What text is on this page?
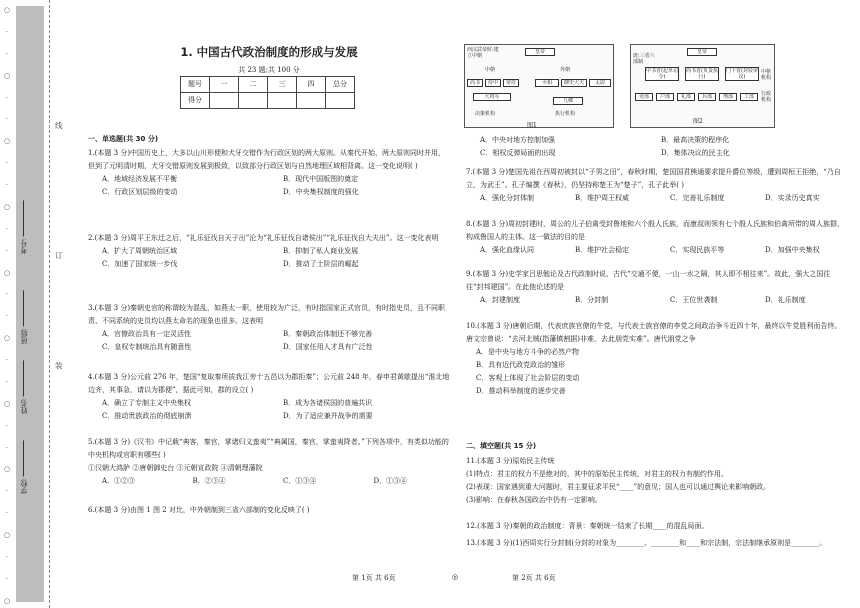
○
·
·
○
·
·
○
·
·
○
·
·
○
·
·
○
·
·
○
·
·
○
·
·
○
·
·
○
考号:
班级:
姓名:
学校:
线
订
装
1. 中国古代政治制度的形成与发展
共 23 题;共 100 分
题号	一	二	三	四	总分
得分					
一、单选题(共 30 分)
1.(本题 3 分)中国历史上，大多以山川形便和犬牙交错作为行政区划的两大原则。从秦代开始，两大原则同时并用，但到了元明清时期，犬牙交错原则发展到极致，以致部分行政区划与自然地理区域相背离。这一变化说明( )
A．地域经济发展不平衡	B．现代中国版图的奠定
C．行政区划层级的变动	D．中央集权制度的强化
2.(本题 3 分)周平王东迁之后，“礼乐征伐自天子出”沦为“礼乐征伐自诸侯出”“礼乐征伐自大夫出”。这一变化表明
A．扩大了周朝统治区域	B．抑制了私人商业发展
C．加速了国家统一步伐	D．推动了士阶层的崛起
3.(本题 3 分)秦朝史官的称谓较为混乱，如燕太一职，使用较为广泛，有时指国家正式官员，有时指史员，且不同职责、不同系统的史员均以燕太命名的现象也很多。这表明
A．官僚政治具有一定灵活性	B．秦朝政治体制还不够完善
C．皇权专制统治具有随意性	D．国家任用人才具有广泛性
4.(本题 3 分)公元前 276 年，楚国“复取秦所拔我江旁十五邑以为郡拒秦”；公元前 248 年，春申君黄歇提出“淮北地边齐，其事急，请以为郡便”，据此可知，郡的设立( )
A．确立了专制主义中央集权	B．成为各诸侯国的普遍共识
C．推动贵族政治的彻底崩溃	D．为了适应兼并战争的需要
5.(本题 3 分)《汉书》中记载“典客，秦官，掌诸归义蛮夷”“典属国，秦官，掌蛮夷降者。”下列各项中，有类似功能的中央机构或官职有哪些( )
①汉朝大鸿胪 ②唐朝御史台 ③元朝宣政院 ④清朝理藩院
A．①②③	B．②③④	C．①③④	D．①③④
6.(本题 3 分)由图 1 图 2 对比，中外朝制到三省六部制的变化反映了( )
西汉武帝时:建立中朝
皇帝
中朝	外朝
尚书	侍中	常侍
大将军
丞相	御史大夫	太尉
九卿
决策机构	执行机构
图1
唐:三省六部制
皇帝
中书省(起草诏令)
尚书省(负责执行)
门下省(封驳审议)
中枢机构
吏部	户部	礼部	兵部	刑部	工部	行政机构
图2
A．中央对地方控制加强	B．最高决策的程序化
C．相权反弹局面的出现	D．集体决议的民主化
7.(本题 3 分)楚国先祖在西周初被封以“子男之田”，春秋时期，楚国国君熊通要求提升爵位等级，遭到周桓王拒绝，“乃自立，为武王”。孔子编撰《春秋》，仍坚持称楚王为“楚子”，孔子此举( )
A．强化分封体制	B．维护周王权威	C．完善礼乐制度	D．实录历史真实
8.(本题 3 分)周初封建时，周公的儿子伯禽受封鲁地和六个殷人氏族，而康叔则领有七个殷人氏族和伯禽所带的周人族群，构成鲁国人的主体。这一做法的目的是
A．强化血缘认同	B．维护社会稳定	C．实现民族平等	D．加强中央集权
9.(本题 3 分)史学家吕思勉论及古代政制时说，古代“交通不便，一山一水之隔，其人即不相往来”。故此，强大之国往往“封邦建国”。在此他论述的是
A．封建制度	B．分封制	C．王位世袭制	D．礼乐制度
10.(本题 3 分)唐朝后期，代表庶族官僚的牛党，与代表士族官僚的李党之间政治争斗近四十年，最终以牛党胜利而告终。唐文宗曾说：“去河北贼(指藩镇割据)非难，去此朋党实难”。唐代朋党之争
A．是中央与地方斗争的必然产物
B．具有近代政党政治的雏形
C．客观上体现了社会阶层的变动
D．推动科举制度的逐步完善
二、填空题(共 15 分)
11.(本题 3 分)原始民主传统
(1)特点：君主的权力不是绝对的，其中的原始民主传统，对君主的权力有制约作用。
(2)表现：国家遇到重大问题时，君主要征求平民“____”的意见；国人也可以通过舆论来影响朝政。
(3)影响：在春秋各国政治中仍有一定影响。
12.(本题 3 分)秦朝的政治制度：背景：秦朝统一结束了长期____的混乱局面。
13.(本题 3 分)(1)西周实行分封制(分封的对象为________、________和____和宗法制，宗法制继承原则是________。
第 1页 共 6页	◎	第 2页 共 6页
